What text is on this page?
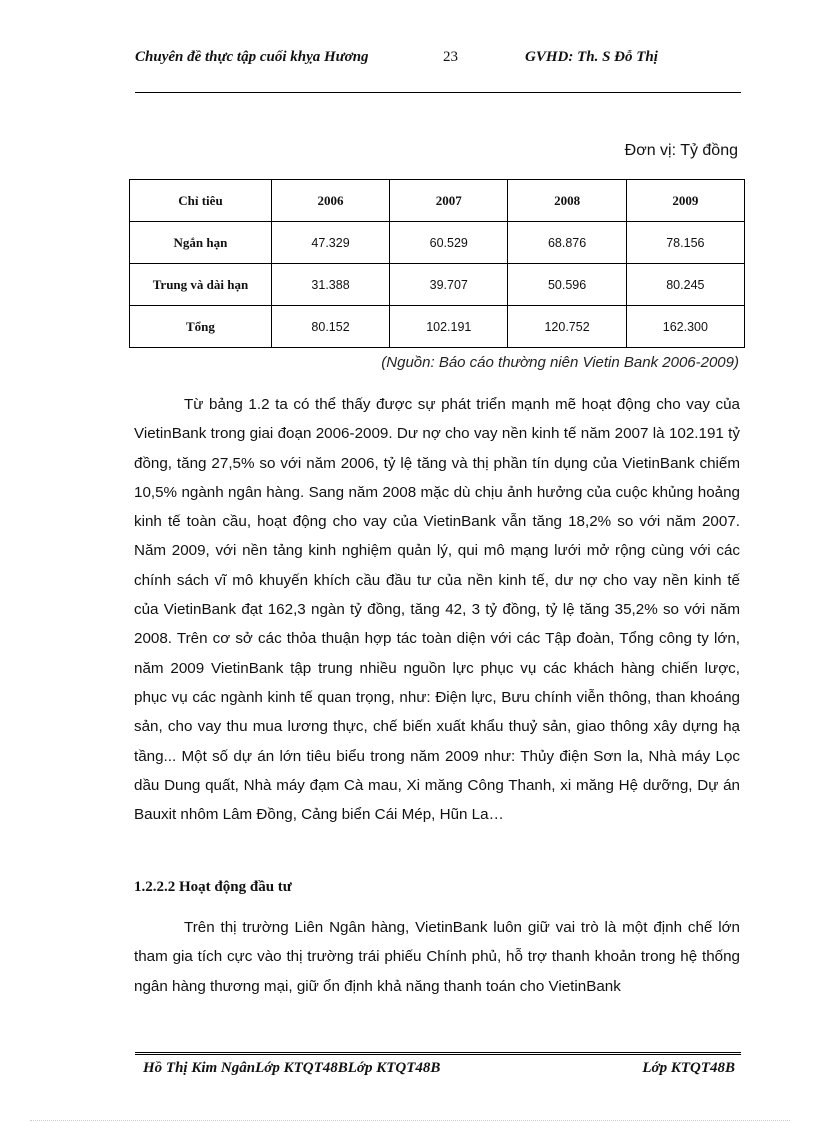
Chuyên đề thực tập cuối khỵa Hương	23	GVHD: Th. S Đỗ Thị
Đơn vị: Tỷ đồng
Chỉ tiêu	2006	2007	2008	2009
Ngắn hạn	47.329	60.529	68.876	78.156
Trung và dài hạn	31.388	39.707	50.596	80.245
Tổng	80.152	102.191	120.752	162.300
(Nguồn: Báo cáo thường niên Vietin Bank 2006-2009)

Từ bảng 1.2 ta có thể thấy được sự phát triển mạnh mẽ hoạt động cho vay của VietinBank trong giai đoạn 2006-2009. Dư nợ cho vay nền kinh tế năm 2007 là 102.191 tỷ đồng, tăng 27,5% so với năm 2006, tỷ lệ tăng và thị phần tín dụng của VietinBank chiếm 10,5% ngành ngân hàng. Sang năm 2008 mặc dù chịu ảnh hưởng của cuộc khủng hoảng kinh tế toàn cầu, hoạt động cho vay của VietinBank vẫn tăng 18,2% so với năm 2007. Năm 2009, với nền tảng kinh nghiệm quản lý, qui mô mạng lưới mở rộng cùng với các chính sách vĩ mô khuyến khích cầu đầu tư của nền kinh tế, dư nợ cho vay nền kinh tế của VietinBank đạt 162,3 ngàn tỷ đồng, tăng 42, 3 tỷ đồng, tỷ lệ tăng 35,2% so với năm 2008. Trên cơ sở các thỏa thuận hợp tác toàn diện với các Tập đoàn, Tổng công ty lớn, năm 2009 VietinBank tập trung nhiều nguồn lực phục vụ các khách hàng chiến lược, phục vụ các ngành kinh tế quan trọng, như: Điện lực, Bưu chính viễn thông, than khoáng sản, cho vay thu mua lương thực, chế biến xuất khẩu thuỷ sản, giao thông xây dựng hạ tầng... Một số dự án lớn tiêu biểu trong năm 2009 như: Thủy điện Sơn la, Nhà máy Lọc dầu Dung quất, Nhà máy đạm Cà mau, Xi măng Công Thanh, xi măng Hệ dưỡng, Dự án Bauxit nhôm Lâm Đồng, Cảng biển Cái Mép, Hũn La…

1.2.2.2 Hoạt động đầu tư

Trên thị trường Liên Ngân hàng, VietinBank luôn giữ vai trò là một định chế lớn tham gia tích cực vào thị trường trái phiếu Chính phủ, hỗ trợ thanh khoản trong hệ thống ngân hàng thương mại, giữ ổn định khả năng thanh toán cho VietinBank

Hồ Thị Kim NgânLớp KTQT48BLớp KTQT48B	Lớp KTQT48B
